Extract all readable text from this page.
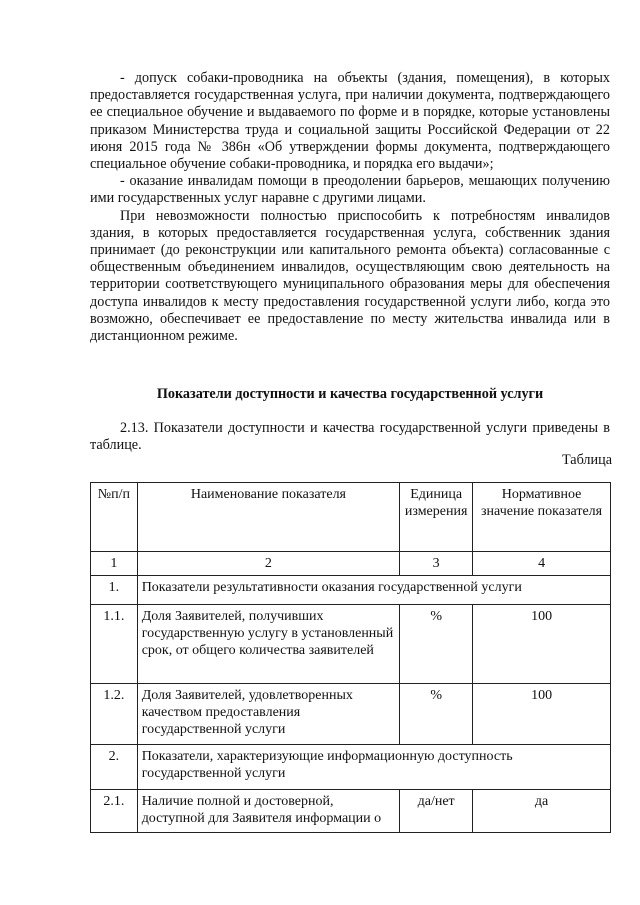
- допуск собаки-проводника на объекты (здания, помещения), в которых предоставляется государственная услуга, при наличии документа, подтверждающего ее специальное обучение и выдаваемого по форме и в порядке, которые установлены приказом Министерства труда и социальной защиты Российской Федерации от 22 июня 2015 года № 386н «Об утверждении формы документа, подтверждающего специальное обучение собаки-проводника, и порядка его выдачи»;

- оказание инвалидам помощи в преодолении барьеров, мешающих получению ими государственных услуг наравне с другими лицами.

При невозможности полностью приспособить к потребностям инвалидов здания, в которых предоставляется государственная услуга, собственник здания принимает (до реконструкции или капитального ремонта объекта) согласованные с общественным объединением инвалидов, осуществляющим свою деятельность на территории соответствующего муниципального образования меры для обеспечения доступа инвалидов к месту предоставления государственной услуги либо, когда это возможно, обеспечивает ее предоставление по месту жительства инвалида или в дистанционном режиме.

Показатели доступности и качества государственной услуги

2.13. Показатели доступности и качества государственной услуги приведены в таблице.

Таблица
№п/п	Наименование показателя	Единица измерения	Нормативное значение показателя
1	2	3	4
1.	Показатели результативности оказания государственной услуги		
1.1.	Доля Заявителей, получивших государственную услугу в установленный срок, от общего количества заявителей	%	100
1.2.	Доля Заявителей, удовлетворенных качеством предоставления государственной услуги	%	100
2.	Показатели, характеризующие информационную доступность государственной услуги		
2.1.	Наличие полной и достоверной, доступной для Заявителя информации о	да/нет	да
